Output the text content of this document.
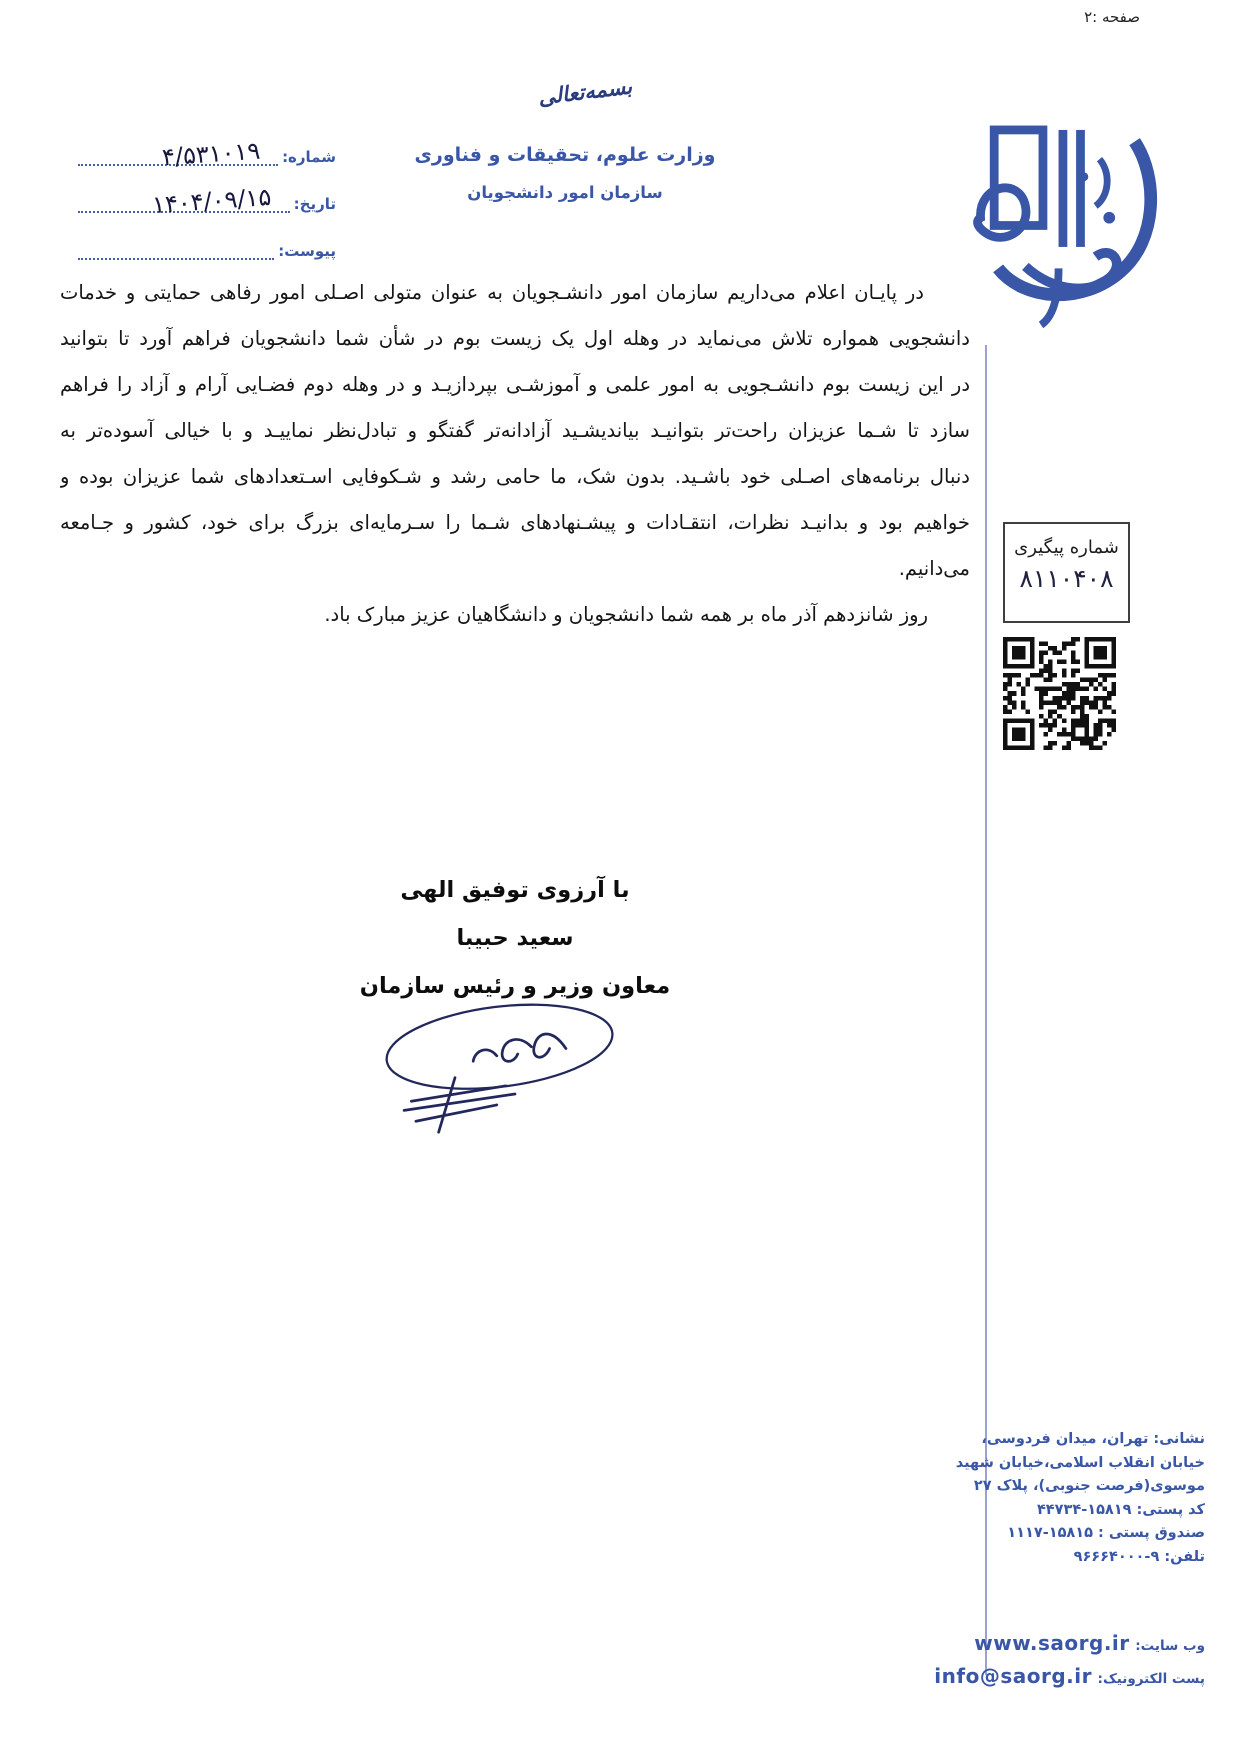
صفحه :۲
بسمه‌تعالی
وزارت علوم، تحقیقات و فناوری
سازمان امور دانشجویان
شماره:
۴/۵۳۱۰۱۹
تاریخ:
۱۴۰۴/۰۹/۱۵
پیوست:
در پایـان اعلام می‌داریم سازمان امور دانشـجویان به عنوان متولی اصـلی امور رفاهی حمایتی و خدمات
دانشجویی همواره تلاش می‌نماید در وهله اول یک زیست بوم در شأن شما دانشجویان فراهم آورد تا بتوانید
در این زیست بوم دانشـجویی به امور علمی و آموزشـی بپردازیـد و در وهله دوم فضـایی آرام و آزاد را فراهم
سازد تا شـما عزیزان راحت‌تر بتوانیـد بیاندیشـید آزادانه‌تر گفتگو و تبادل‌نظر نماییـد و با خیالی آسوده‌تر به
دنبال برنامه‌های اصـلی خود باشـید. بدون شک، ما حامی رشد و شـکوفایی اسـتعدادهای شما عزیزان بوده و
خواهیم بود و بدانیـد نظرات، انتقـادات و پیشـنهادهای شـما را سـرمایه‌ای بزرگ برای خود، کشور و جـامعه
می‌دانیم.
روز شانزدهم آذر ماه بر همه شما دانشجویان و دانشگاهیان عزیز مبارک باد.
شماره پیگیری
۸۱۱۰۴۰۸
با آرزوی توفیق الهی
سعید حبیبا
معاون وزیر و رئیس سازمان
نشانی: تهران، میدان فردوسی،
خیابان انقلاب اسلامی،خیابان شهید
موسوی(فرصت جنوبی)، پلاک ۲۷
کد پستی: ۱۵۸۱۹-۴۴۷۳۴
صندوق پستی : ۱۵۸۱۵-۱۱۱۷
تلفن: ۹-۹۶۶۶۴۰۰۰
وب سایت: www.saorg.ir
پست الکترونیک: info@saorg.ir
